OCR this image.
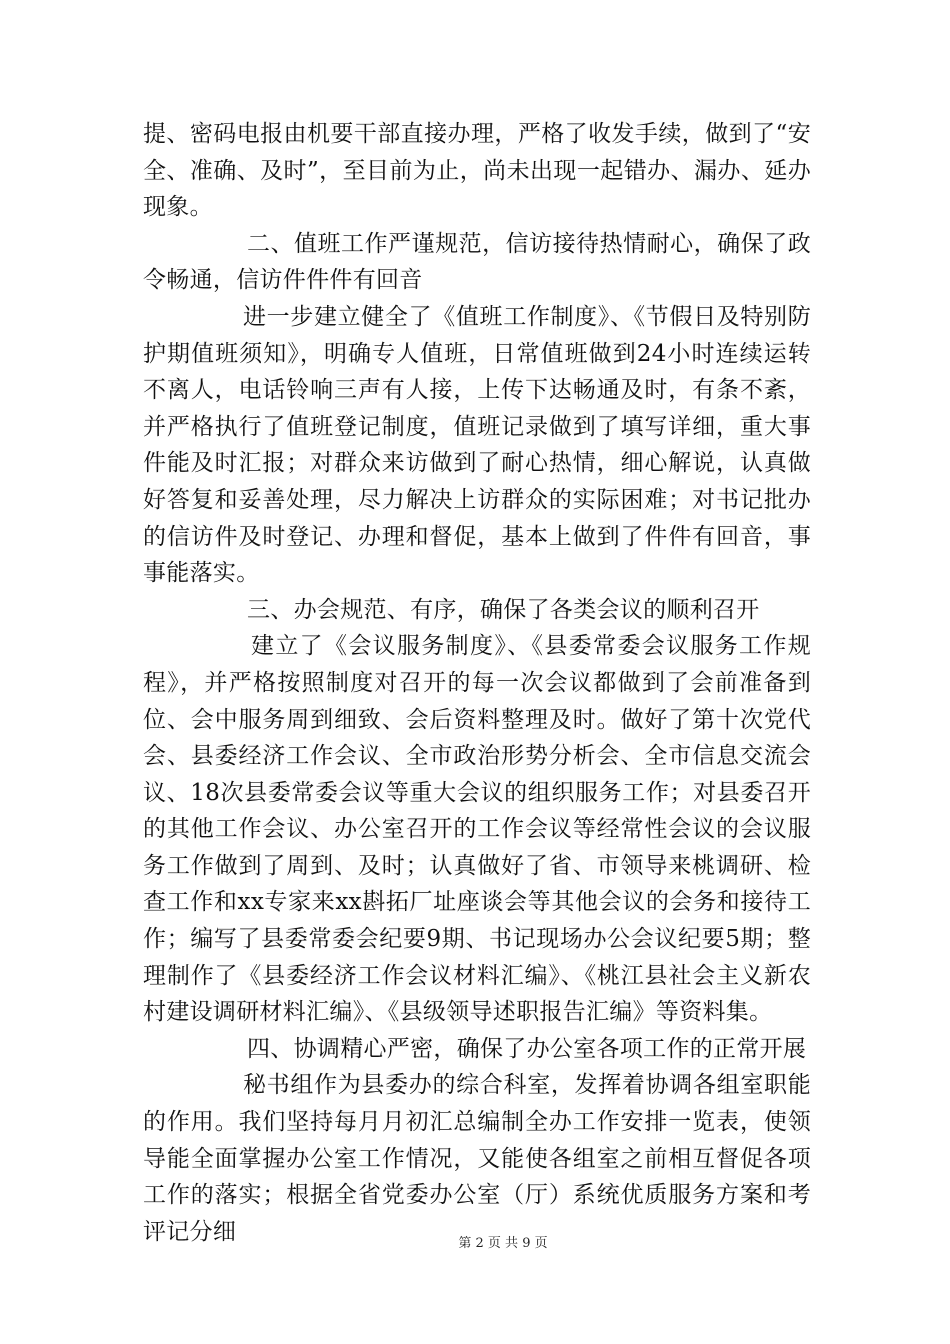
提、密码电报由机要干部直接办理，严格了收发手续，做到了“安全、准确、及时”，至目前为止，尚未出现一起错办、漏办、延办现象。

二、值班工作严谨规范，信访接待热情耐心，确保了政令畅通，信访件件件有回音

进一步建立健全了《值班工作制度》、《节假日及特别防护期值班须知》，明确专人值班，日常值班做到24小时连续运转不离人，电话铃响三声有人接，上传下达畅通及时，有条不紊，并严格执行了值班登记制度，值班记录做到了填写详细，重大事件能及时汇报；对群众来访做到了耐心热情，细心解说，认真做好答复和妥善处理，尽力解决上访群众的实际困难；对书记批办的信访件及时登记、办理和督促，基本上做到了件件有回音，事事能落实。

三、办会规范、有序，确保了各类会议的顺利召开

建立了《会议服务制度》、《县委常委会议服务工作规程》，并严格按照制度对召开的每一次会议都做到了会前准备到位、会中服务周到细致、会后资料整理及时。做好了第十次党代会、县委经济工作会议、全市政治形势分析会、全市信息交流会议、18次县委常委会议等重大会议的组织服务工作；对县委召开的其他工作会议、办公室召开的工作会议等经常性会议的会议服务工作做到了周到、及时；认真做好了省、市领导来桃调研、检查工作和xx专家来xx斟拓厂址座谈会等其他会议的会务和接待工作；编写了县委常委会纪要9期、书记现场办公会议纪要5期；整理制作了《县委经济工作会议材料汇编》、《桃江县社会主义新农村建设调研材料汇编》、《县级领导述职报告汇编》等资料集。

四、协调精心严密，确保了办公室各项工作的正常开展

秘书组作为县委办的综合科室，发挥着协调各组室职能的作用。我们坚持每月月初汇总编制全办工作安排一览表，使领导能全面掌握办公室工作情况，又能使各组室之前相互督促各项工作的落实；根据全省党委办公室（厅）系统优质服务方案和考评记分细	第 2 页 共 9 页
